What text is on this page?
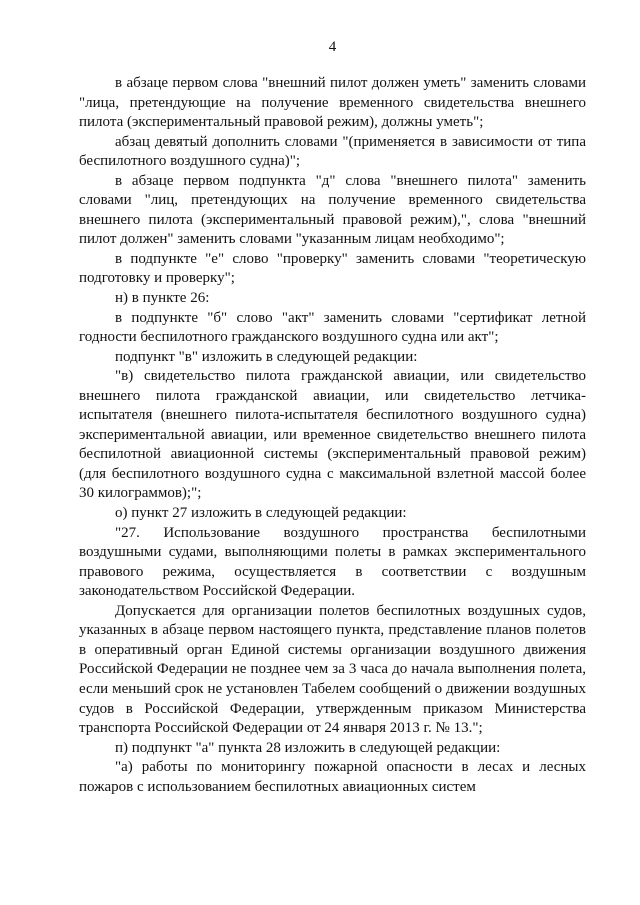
4

в абзаце первом слова "внешний пилот должен уметь" заменить словами "лица, претендующие на получение временного свидетельства внешнего пилота (экспериментальный правовой режим), должны уметь";

абзац девятый дополнить словами "(применяется в зависимости от типа беспилотного воздушного судна)";

в абзаце первом подпункта "д" слова "внешнего пилота" заменить словами "лиц, претендующих на получение временного свидетельства внешнего пилота (экспериментальный правовой режим),", слова "внешний пилот должен" заменить словами "указанным лицам необходимо";

в подпункте "е" слово "проверку" заменить словами "теоретическую подготовку и проверку";

н) в пункте 26:

в подпункте "б" слово "акт" заменить словами "сертификат летной годности беспилотного гражданского воздушного судна или акт";

подпункт "в" изложить в следующей редакции:

"в) свидетельство пилота гражданской авиации, или свидетельство внешнего пилота гражданской авиации, или свидетельство летчика-испытателя (внешнего пилота-испытателя беспилотного воздушного судна) экспериментальной авиации, или временное свидетельство внешнего пилота беспилотной авиационной системы (экспериментальный правовой режим) (для беспилотного воздушного судна с максимальной взлетной массой более 30 килограммов);";

о) пункт 27 изложить в следующей редакции:

"27. Использование воздушного пространства беспилотными воздушными судами, выполняющими полеты в рамках экспериментального правового режима, осуществляется в соответствии с воздушным законодательством Российской Федерации.

Допускается для организации полетов беспилотных воздушных судов, указанных в абзаце первом настоящего пункта, представление планов полетов в оперативный орган Единой системы организации воздушного движения Российской Федерации не позднее чем за 3 часа до начала выполнения полета, если меньший срок не установлен Табелем сообщений о движении воздушных судов в Российской Федерации, утвержденным приказом Министерства транспорта Российской Федерации от 24 января 2013 г. № 13.";

п) подпункт "а" пункта 28 изложить в следующей редакции:

"а) работы по мониторингу пожарной опасности в лесах и лесных пожаров с использованием беспилотных авиационных систем
